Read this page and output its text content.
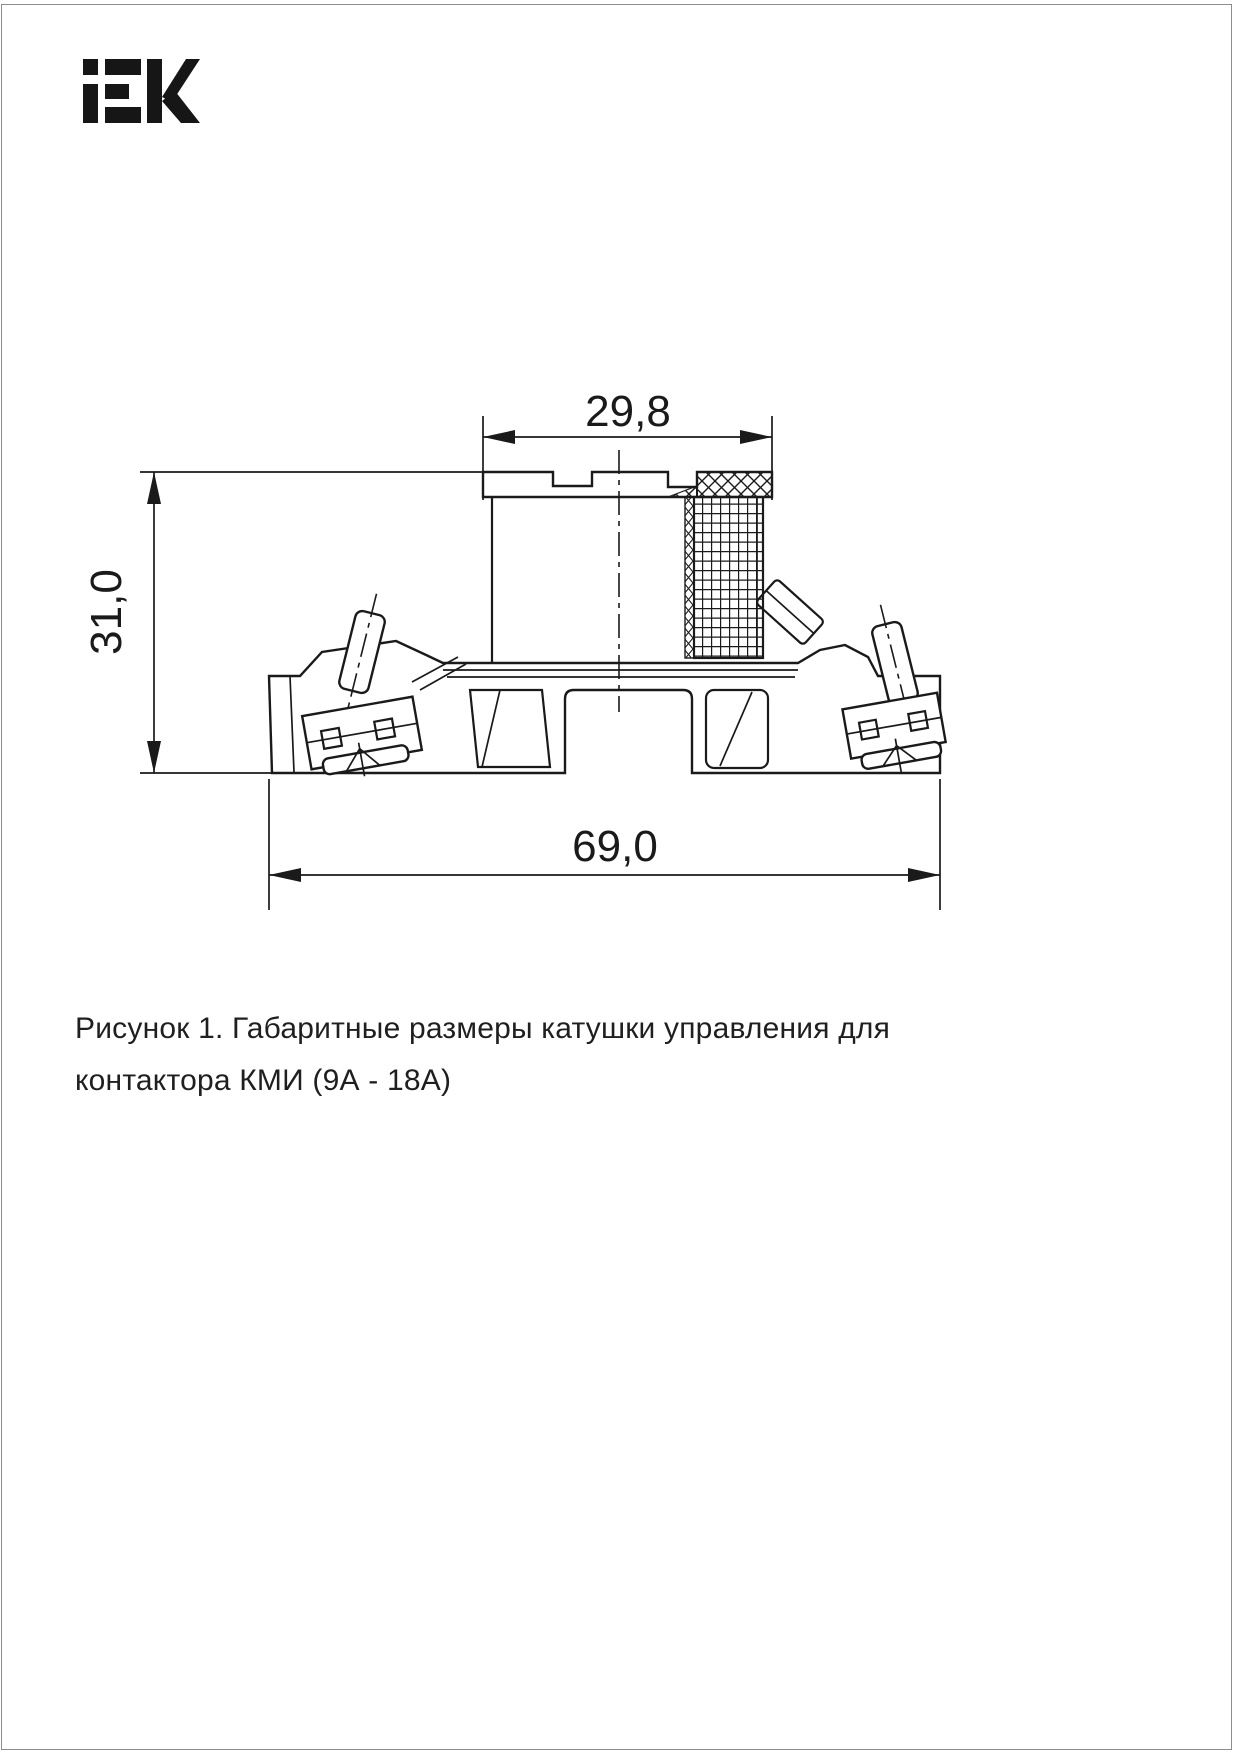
29,8
31,0
69,0
Рисунок 1. Габаритные размеры катушки управления для
контактора КМИ (9А - 18А)
